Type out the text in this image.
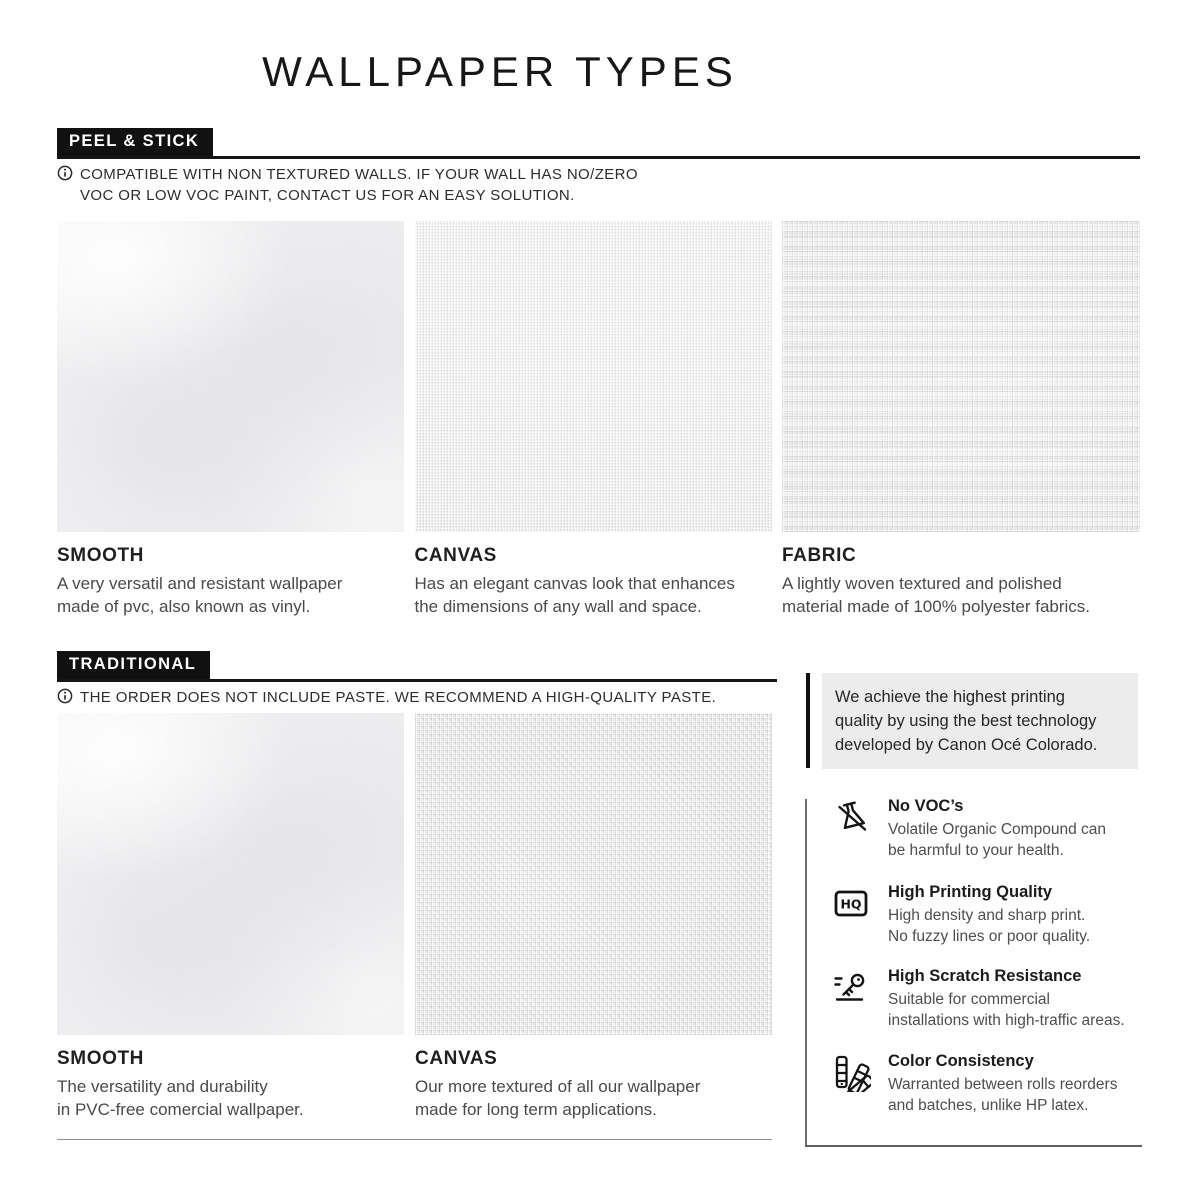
WALLPAPER TYPES
PEEL & STICK
COMPATIBLE WITH NON TEXTURED WALLS. IF YOUR WALL HAS NO/ZERO
VOC OR LOW VOC PAINT, CONTACT US FOR AN EASY SOLUTION.
SMOOTH
A very versatil and resistant wallpaper
made of pvc, also known as vinyl.
CANVAS
Has an elegant canvas look that enhances
the dimensions of any wall and space.
FABRIC
A lightly woven textured and polished
material made of 100% polyester fabrics.
TRADITIONAL
THE ORDER DOES NOT INCLUDE PASTE. WE RECOMMEND A HIGH-QUALITY PASTE.
SMOOTH
The versatility and durability
in PVC-free comercial wallpaper.
CANVAS
Our more textured of all our wallpaper
made for long term applications.
We achieve the highest printing
quality by using the best technology
developed by Canon Océ Colorado.
No VOC’s
Volatile Organic Compound can
be harmful to your health.
HQ
High Printing Quality
High density and sharp print.
No fuzzy lines or poor quality.
High Scratch Resistance
Suitable for commercial
installations with high-traffic areas.
Color Consistency
Warranted between rolls reorders
and batches, unlike HP latex.
